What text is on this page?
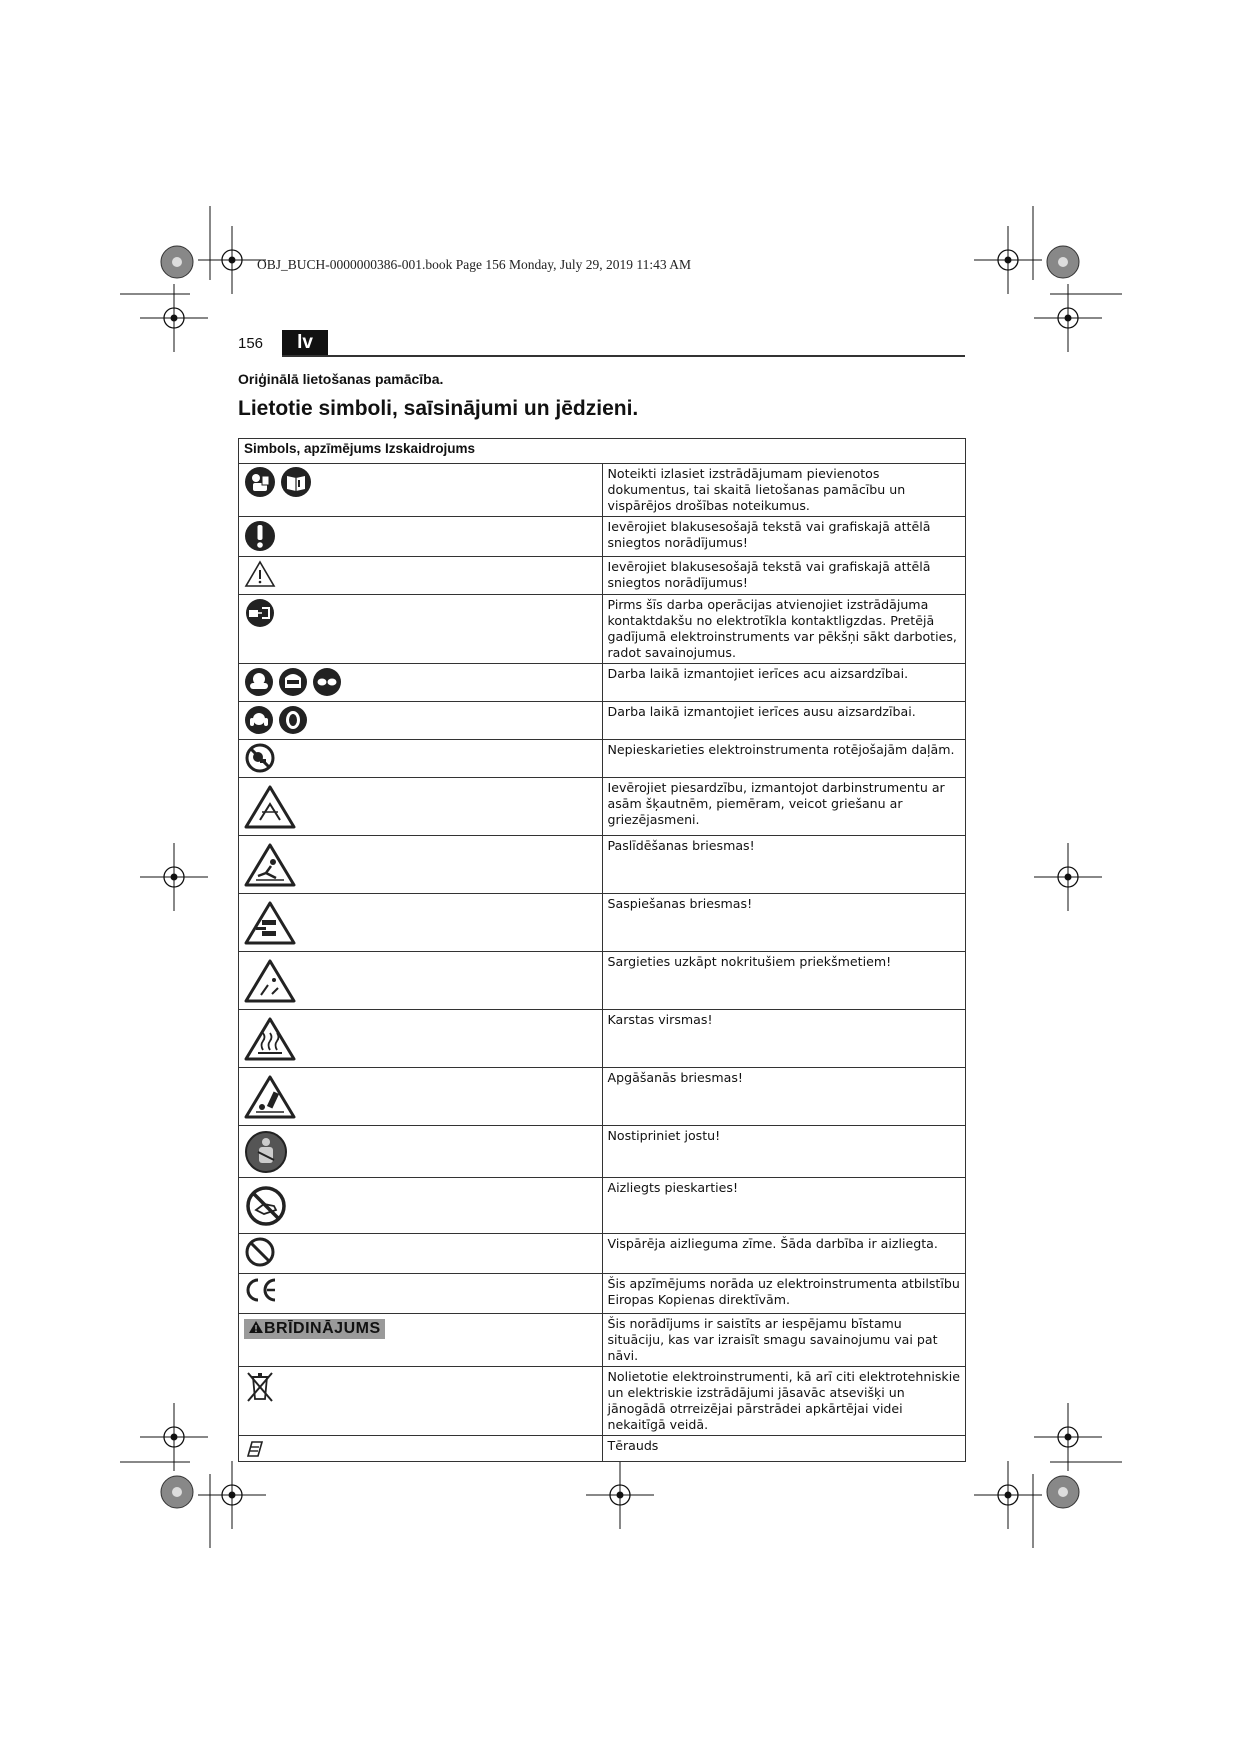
OBJ_BUCH-0000000386-001.book Page 156 Monday, July 29, 2019 11:43 AM
156	lv
Oriģinālā lietošanas pamācība.
Lietotie simboli, saīsinājumi un jēdzieni.
Simbols, apzīmējums Izskaidrojums	

	Noteikti izlasiet izstrādājumam pievienotos dokumentus, tai skaitā lietošanas pamācību un vispārējos drošības noteikumus.

	Ievērojiet blakusesošajā tekstā vai grafiskajā attēlā sniegtos norādījumus!

	Ievērojiet blakusesošajā tekstā vai grafiskajā attēlā sniegtos norādījumus!

	Pirms šīs darba operācijas atvienojiet izstrādājuma kontaktdakšu no elektrotīkla kontaktligzdas. Pretējā gadījumā elektroinstruments var pēkšņi sākt darboties, radot savainojumus.

	Darba laikā izmantojiet ierīces acu aizsardzībai.

	Darba laikā izmantojiet ierīces ausu aizsardzībai.

	Nepieskarieties elektroinstrumenta rotējošajām daļām.

	Ievērojiet piesardzību, izmantojot darbinstrumentu ar asām šķautnēm, piemēram, veicot griešanu ar griezējasmeni.

	Paslīdēšanas briesmas!

	Saspiešanas briesmas!

	Sargieties uzkāpt nokritušiem priekšmetiem!

	Karstas virsmas!

	Apgāšanās briesmas!

	Nostipriniet jostu!

	Aizliegts pieskarties!

	Vispārēja aizlieguma zīme. Šāda darbība ir aizliegta.

	Šis apzīmējums norāda uz elektroinstrumenta atbilstību Eiropas Kopienas direktīvām.
BRĪDINĀJUMS	Šis norādījums ir saistīts ar iespējamu bīstamu situāciju, kas var izraisīt smagu savainojumu vai pat nāvi.

	Nolietotie elektroinstrumenti, kā arī citi elektrotehniskie un elektriskie izstrādājumi jāsavāc atsevišķi un jānogādā otrreizējai pārstrādei apkārtējai videi nekaitīgā veidā.

	Tērauds
